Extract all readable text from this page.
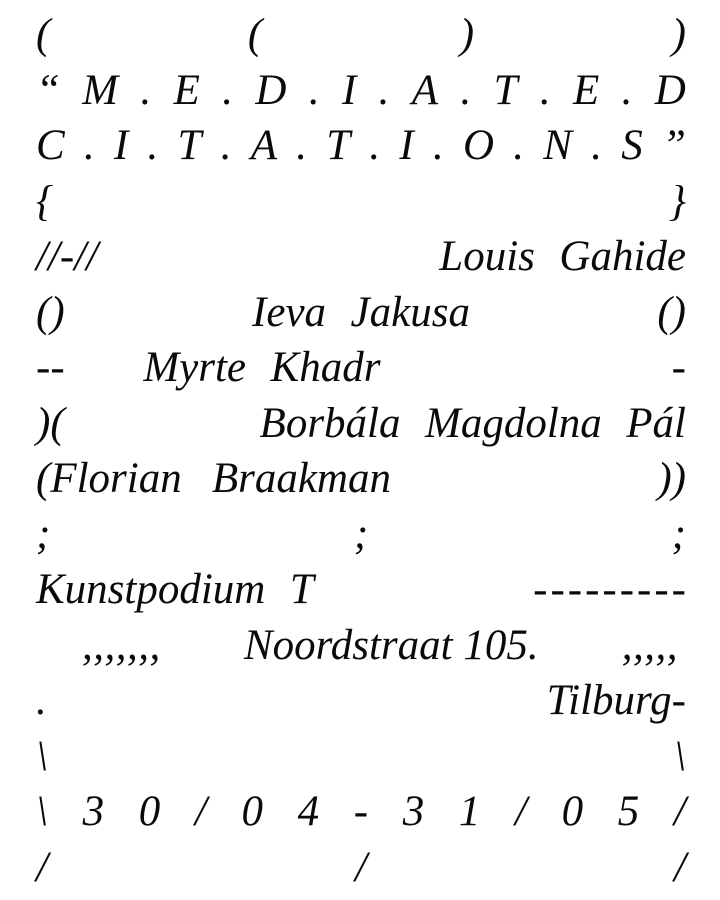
(	(	)	)
“ M . E . D . I . A . T . E . D
C . I . T . A . T . I . O . N . S ”
{	}
//-//	Louis Gahide
()	Ieva Jakusa	()
-- Myrte Khadr	-
)(	Borbála Magdolna Pál
(Florian Braakman	))
;	;	;
Kunstpodium T	---------
,,,,,,, Noordstraat 105. ,,,,,
.	Tilburg-
\	\
\ 3 0 / 0 4 - 3 1 / 0 5 /
/	/	/
